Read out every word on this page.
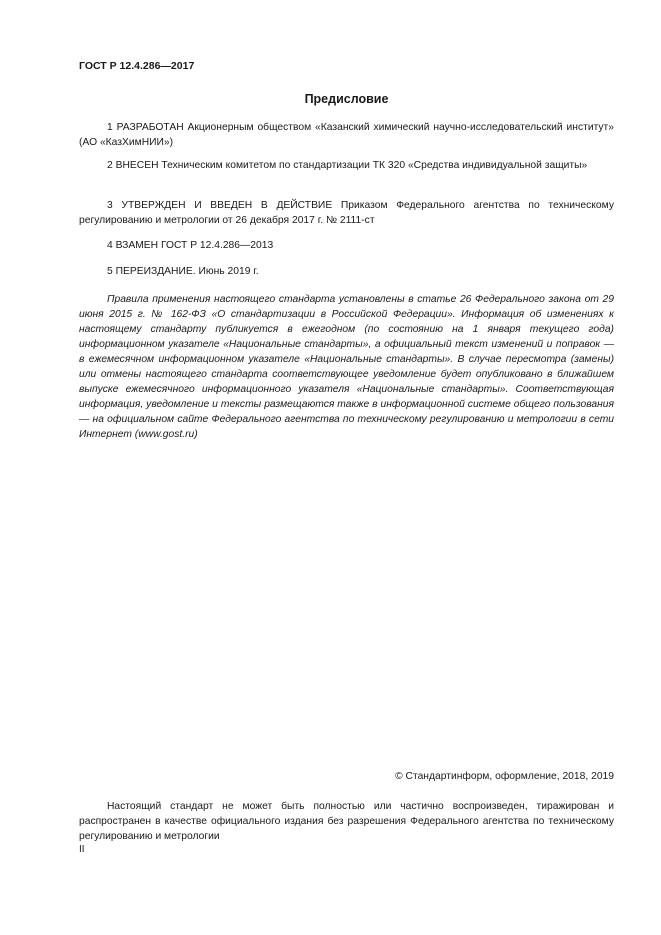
ГОСТ Р 12.4.286—2017
Предисловие
1 РАЗРАБОТАН Акционерным обществом «Казанский химический научно-исследовательский институт» (АО «КазХимНИИ»)
2 ВНЕСЕН Техническим комитетом по стандартизации ТК 320 «Средства индивидуальной защиты»
3 УТВЕРЖДЕН И ВВЕДЕН В ДЕЙСТВИЕ Приказом Федерального агентства по техническому регулированию и метрологии от 26 декабря 2017 г. № 2111-ст
4 ВЗАМЕН ГОСТ Р 12.4.286—2013
5 ПЕРЕИЗДАНИЕ. Июнь 2019 г.
Правила применения настоящего стандарта установлены в статье 26 Федерального закона от 29 июня 2015 г. № 162-ФЗ «О стандартизации в Российской Федерации». Информация об изменениях к настоящему стандарту публикуется в ежегодном (по состоянию на 1 января текущего года) информационном указателе «Национальные стандарты», а официальный текст изменений и поправок — в ежемесячном информационном указателе «Национальные стандарты». В случае пересмотра (замены) или отмены настоящего стандарта соответствующее уведомление будет опубликовано в ближайшем выпуске ежемесячного информационного указателя «Национальные стандарты». Соответствующая информация, уведомление и тексты размещаются также в информационной системе общего пользования — на официальном сайте Федерального агентства по техническому регулированию и метрологии в сети Интернет (www.gost.ru)
© Стандартинформ, оформление, 2018, 2019
Настоящий стандарт не может быть полностью или частично воспроизведен, тиражирован и распространен в качестве официального издания без разрешения Федерального агентства по техническому регулированию и метрологии
II
